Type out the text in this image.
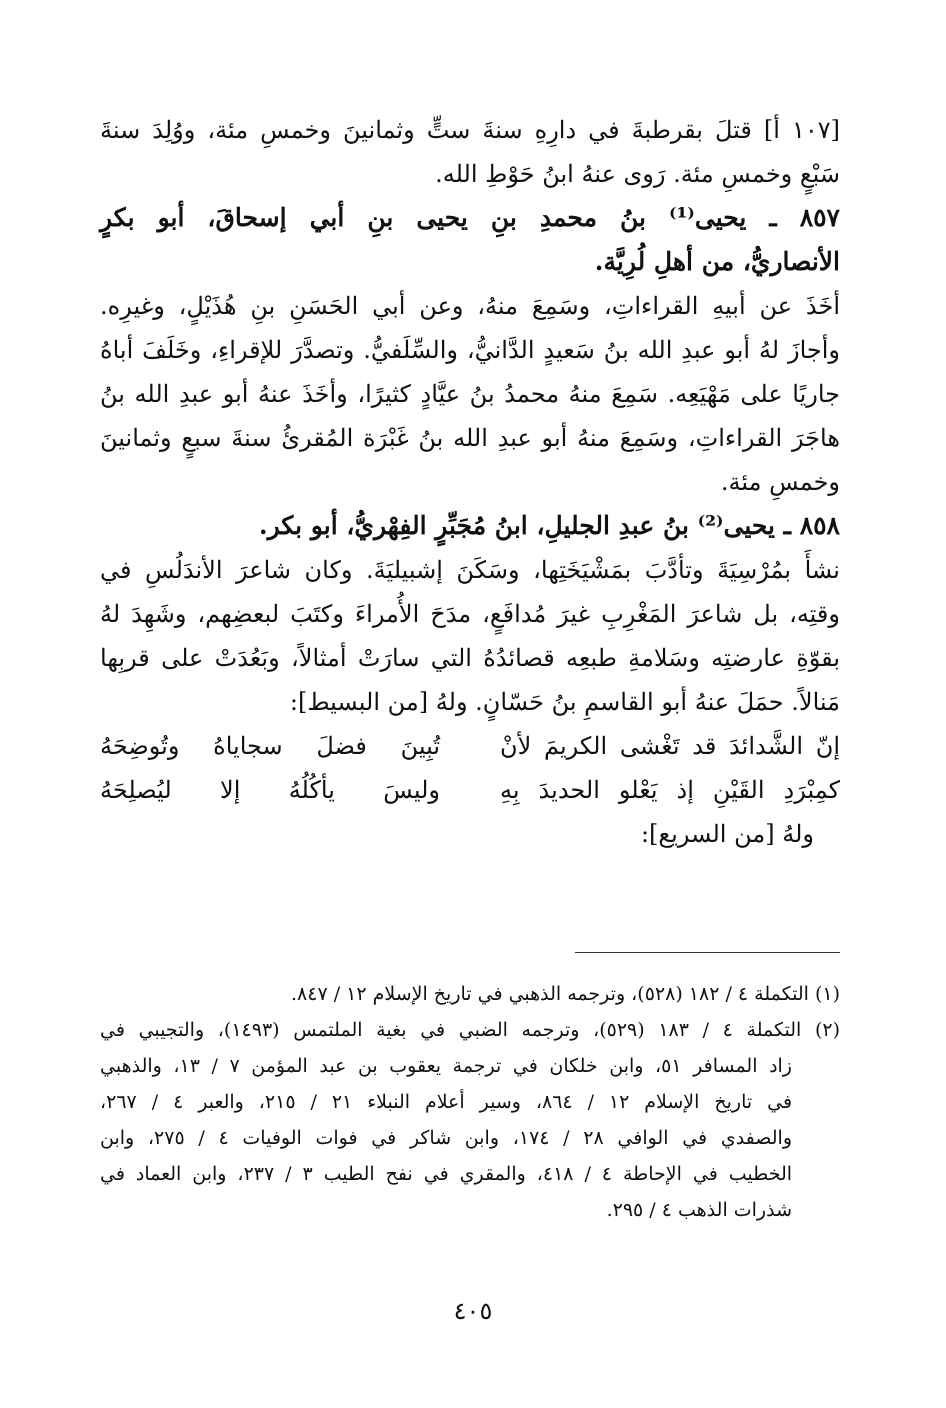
[١٠٧ أ] قتلَ بقرطبةَ في دارِهِ سنةَ ستٍّ وثمانينَ وخمسِ مئة، ووُلِدَ سنةَ
سَبْعٍ وخمسِ مئة. رَوى عنهُ ابنُ حَوْطِ الله.
٨٥٧ ـ يحيى⁽¹⁾ بنُ محمدِ بنِ يحيى بنِ أبي إسحاقَ، أبو بكرٍ
الأنصاريُّ، من أهلِ لُرِيَّة.
أخَذَ عن أبيهِ القراءاتِ، وسَمِعَ منهُ، وعن أبي الحَسَنِ بنِ هُذَيْلٍ، وغيرِه.
وأجازَ لهُ أبو عبدِ الله بنُ سَعيدٍ الدَّانيُّ، والسِّلَفيُّ. وتصدَّرَ للإقراءِ، وخَلَفَ أباهُ
جاريًا على مَهْيَعِه. سَمِعَ منهُ محمدُ بنُ عيَّادٍ كثيرًا، وأخَذَ عنهُ أبو عبدِ الله بنُ
هاجَرَ القراءاتِ، وسَمِعَ منهُ أبو عبدِ الله بنُ غَبْرَة المُقرئُ سنةَ سبعٍ وثمانينَ
وخمسِ مئة.
٨٥٨ ـ يحيى⁽²⁾ بنُ عبدِ الجليلِ، ابنُ مُجَبِّرٍ الفِهْريُّ، أبو بكر.
نشأَ بمُرْسِيَةَ وتأدَّبَ بمَشْيَخَتِها، وسَكَنَ إشبيليَةَ. وكان شاعرَ الأندَلُسِ في
وقتِه، بل شاعرَ المَغْرِبِ غيرَ مُدافَعٍ، مدَحَ الأُمراءَ وكتَبَ لبعضِهم، وشَهِدَ لهُ
بقوّةِ عارضتِه وسَلامةِ طبعِه قصائدُهُ التي سارَتْ أمثالاً، وبَعُدَتْ على قربِها
مَنالاً. حمَلَ عنهُ أبو القاسمِ بنُ حَسّانٍ. ولهُ [من البسيط]:
إنّ الشَّدائدَ قد تَغْشى الكريمَ لأنْ
تُبِينَ فضلَ سجاياهُ وتُوضِحَهُ
كمِبْرَدِ القَيْنِ إذ يَعْلو الحديدَ بِهِ
وليسَ يأكُلُهُ إلا ليُصلِحَهُ
ولهُ [من السريع]:
(١) التكملة ٤ / ١٨٢ (٥٢٨)، وترجمه الذهبي في تاريخ الإسلام ١٢ / ٨٤٧.
(٢) التكملة ٤ / ١٨٣ (٥٢٩)، وترجمه الضبي في بغية الملتمس (١٤٩٣)، والتجيبي في
زاد المسافر ٥١، وابن خلكان في ترجمة يعقوب بن عبد المؤمن ٧ / ١٣، والذهبي
في تاريخ الإسلام ١٢ / ٨٦٤، وسير أعلام النبلاء ٢١ / ٢١٥، والعبر ٤ / ٢٦٧،
والصفدي في الوافي ٢٨ / ١٧٤، وابن شاكر في فوات الوفيات ٤ / ٢٧٥، وابن
الخطيب في الإحاطة ٤ / ٤١٨، والمقري في نفح الطيب ٣ / ٢٣٧، وابن العماد في
شذرات الذهب ٤ / ٢٩٥.
٤٠٥
